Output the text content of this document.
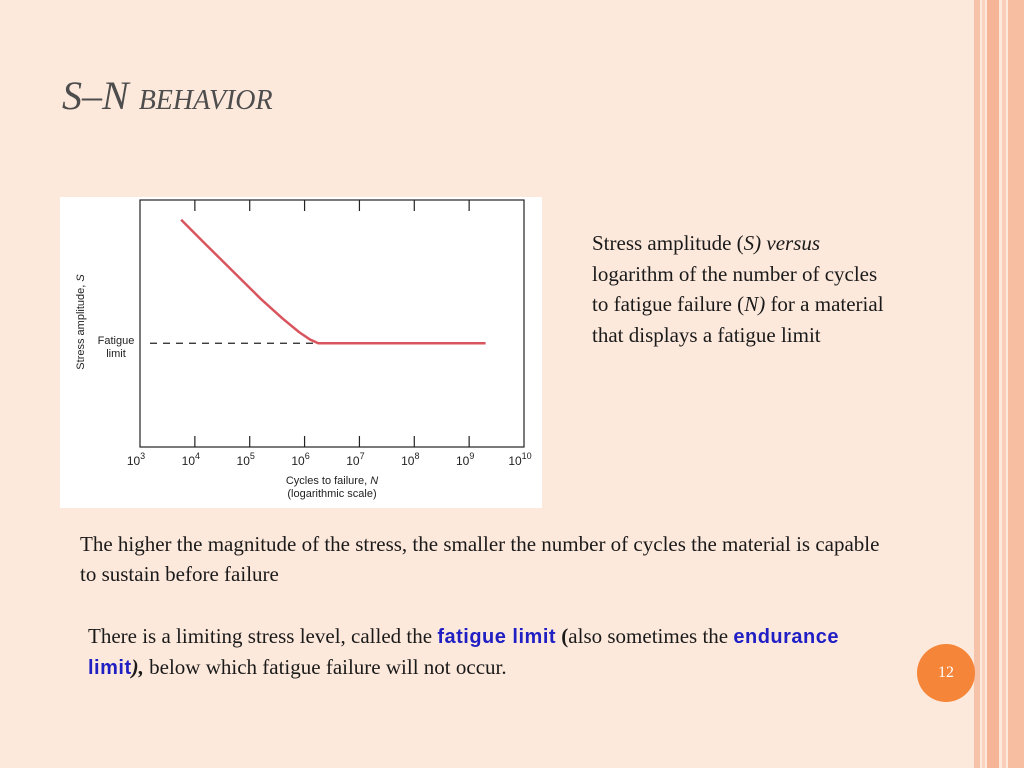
S–N behavior
$10^3$	$10^4$	$10^5$	$10^6$	$10^7$	$10^8$	$10^9$	$10^{10}$
Fatigue
limit
Stress amplitude, S
Cycles to failure, N
(logarithmic scale)

Stress amplitude (S) versus logarithm of the number of cycles to fatigue failure (N) for a material that displays a fatigue limit

The higher the magnitude of the stress, the smaller the number of cycles the material is capable to sustain before failure

There is a limiting stress level, called the fatigue limit (also sometimes the endurance limit), below which fatigue failure will not occur.	12
